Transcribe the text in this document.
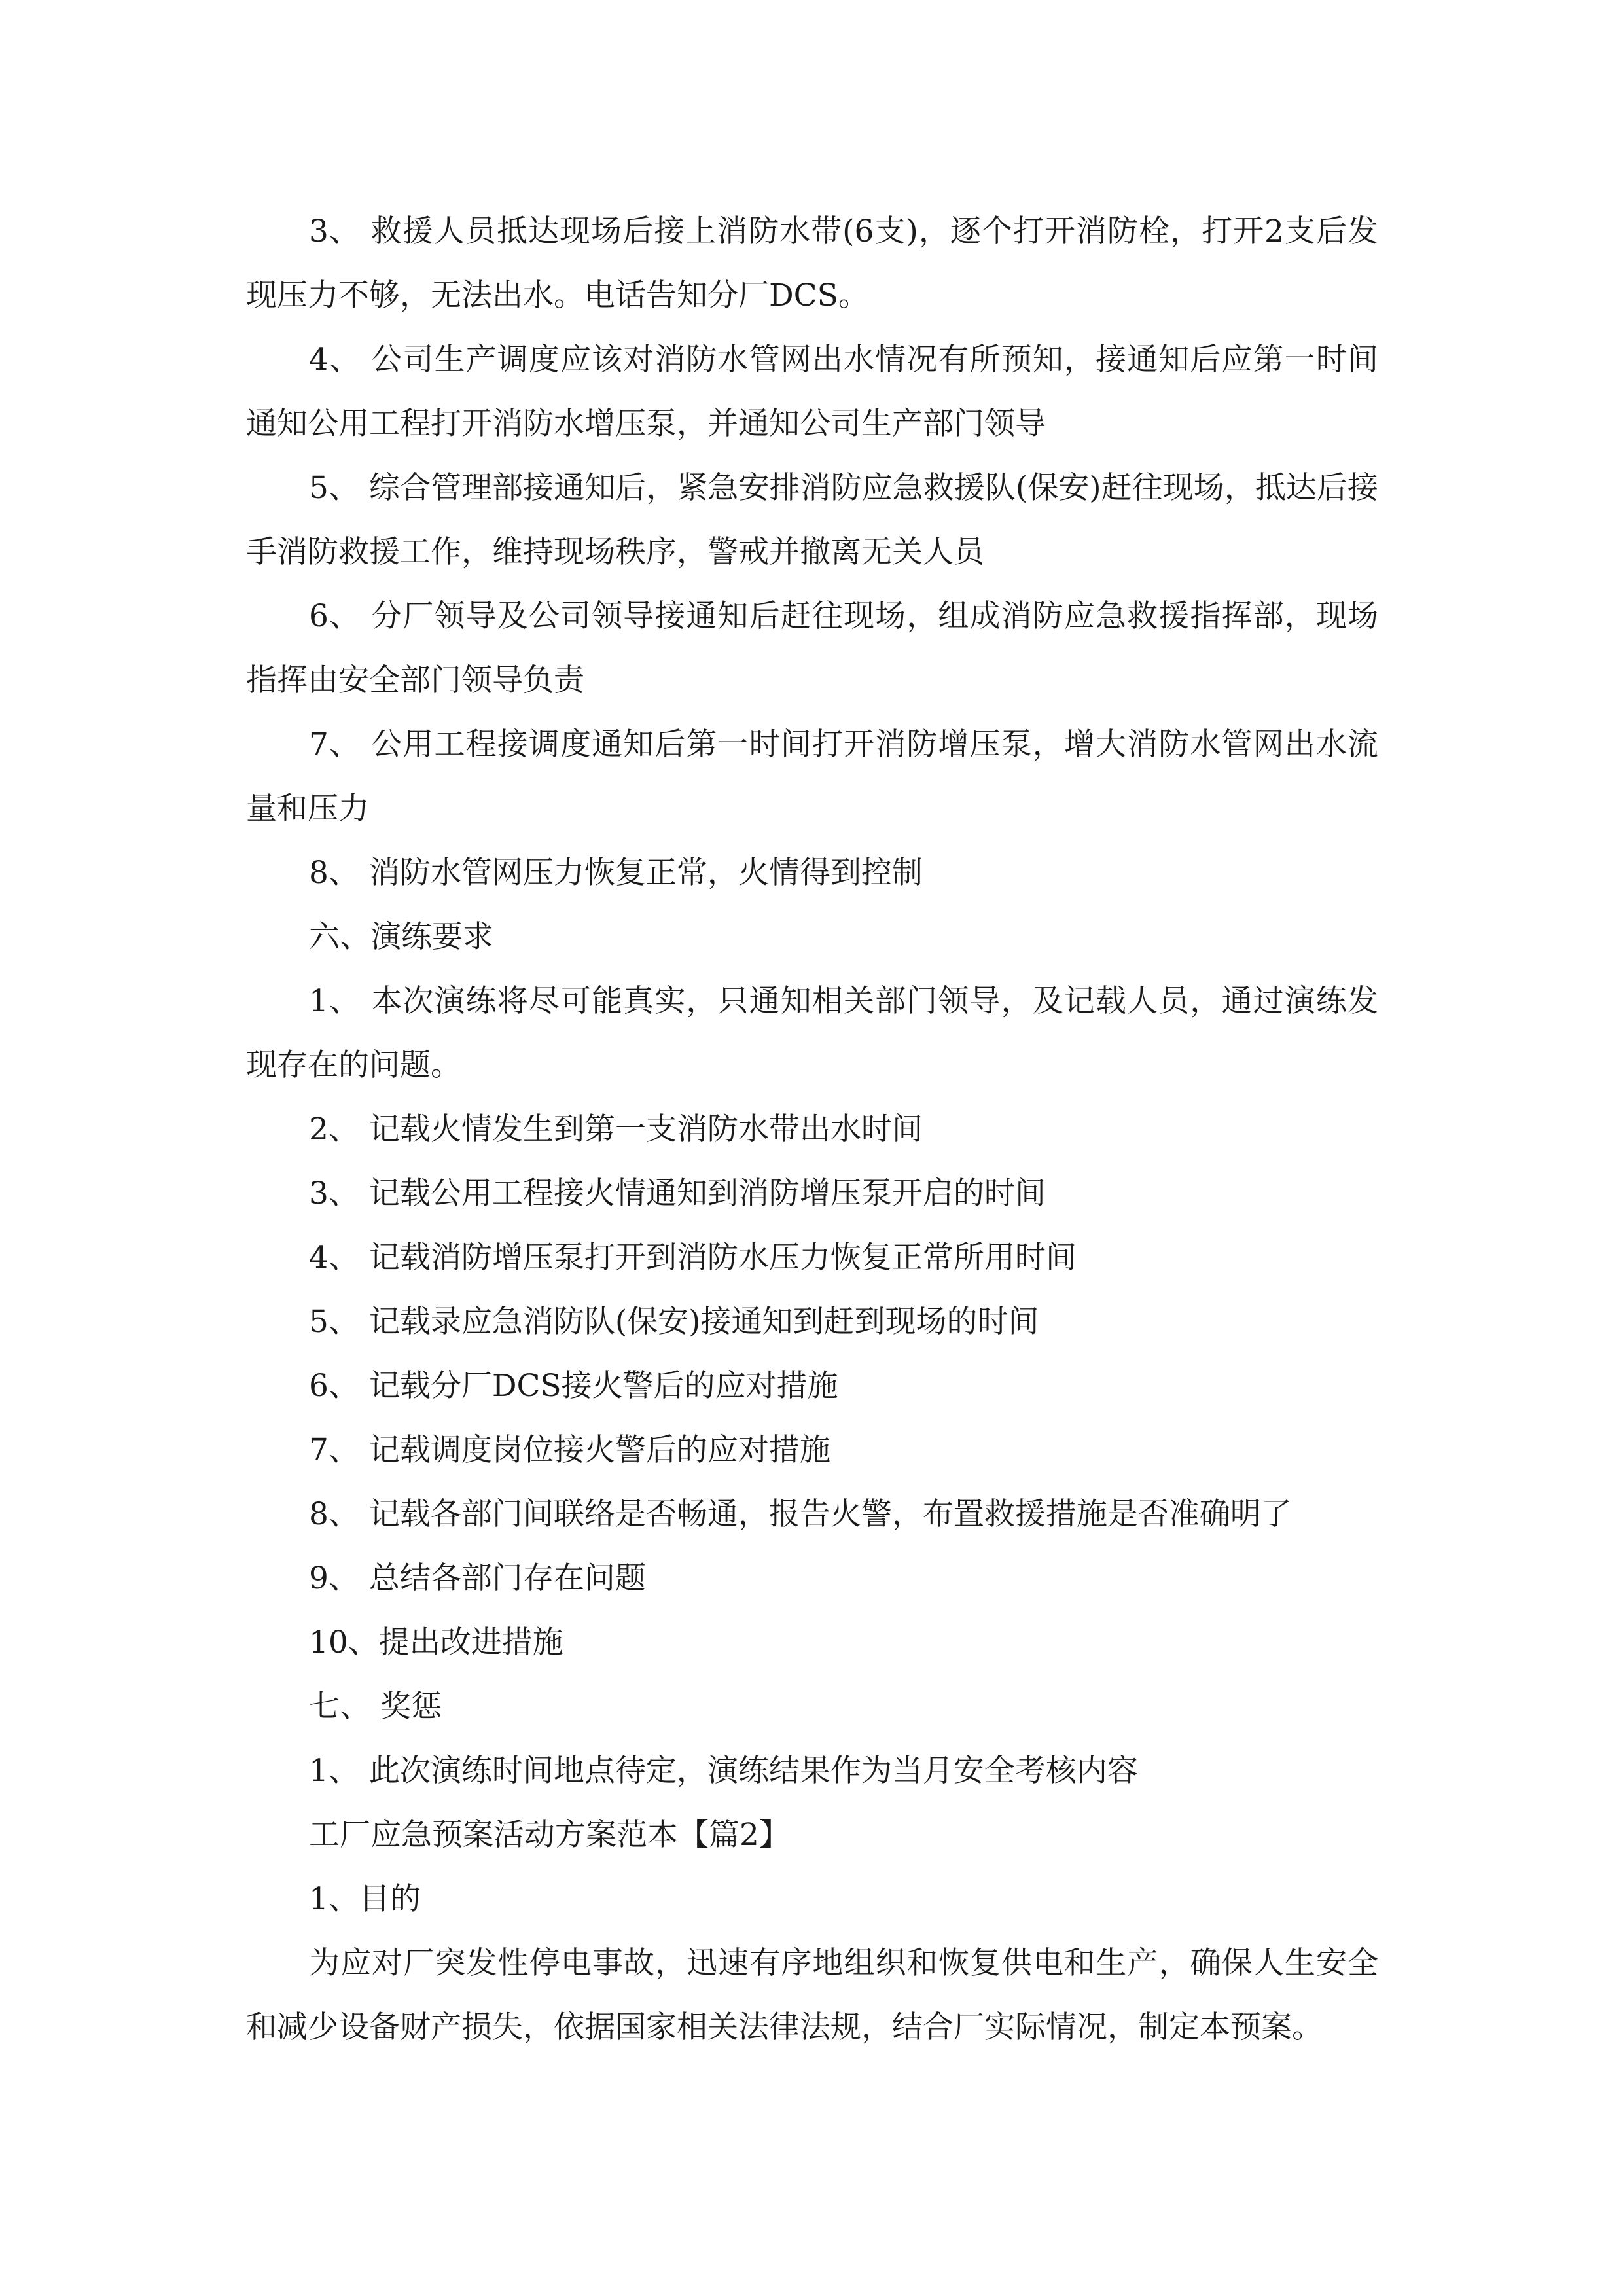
3、 救援人员抵达现场后接上消防水带(6支)，逐个打开消防栓，打开2支后发现压力不够，无法出水。电话告知分厂DCS。

4、 公司生产调度应该对消防水管网出水情况有所预知，接通知后应第一时间通知公用工程打开消防水增压泵，并通知公司生产部门领导

5、 综合管理部接通知后，紧急安排消防应急救援队(保安)赶往现场，抵达后接手消防救援工作，维持现场秩序，警戒并撤离无关人员

6、 分厂领导及公司领导接通知后赶往现场，组成消防应急救援指挥部，现场指挥由安全部门领导负责

7、 公用工程接调度通知后第一时间打开消防增压泵，增大消防水管网出水流量和压力

8、 消防水管网压力恢复正常，火情得到控制

六、演练要求

1、 本次演练将尽可能真实，只通知相关部门领导，及记载人员，通过演练发现存在的问题。

2、 记载火情发生到第一支消防水带出水时间

3、 记载公用工程接火情通知到消防增压泵开启的时间

4、 记载消防增压泵打开到消防水压力恢复正常所用时间

5、 记载录应急消防队(保安)接通知到赶到现场的时间

6、 记载分厂DCS接火警后的应对措施

7、 记载调度岗位接火警后的应对措施

8、 记载各部门间联络是否畅通，报告火警，布置救援措施是否准确明了

9、 总结各部门存在问题

10、提出改进措施

七、 奖惩

1、 此次演练时间地点待定，演练结果作为当月安全考核内容

工厂应急预案活动方案范本【篇2】

1、目的

为应对厂突发性停电事故，迅速有序地组织和恢复供电和生产，确保人生安全和减少设备财产损失，依据国家相关法律法规，结合厂实际情况，制定本预案。
